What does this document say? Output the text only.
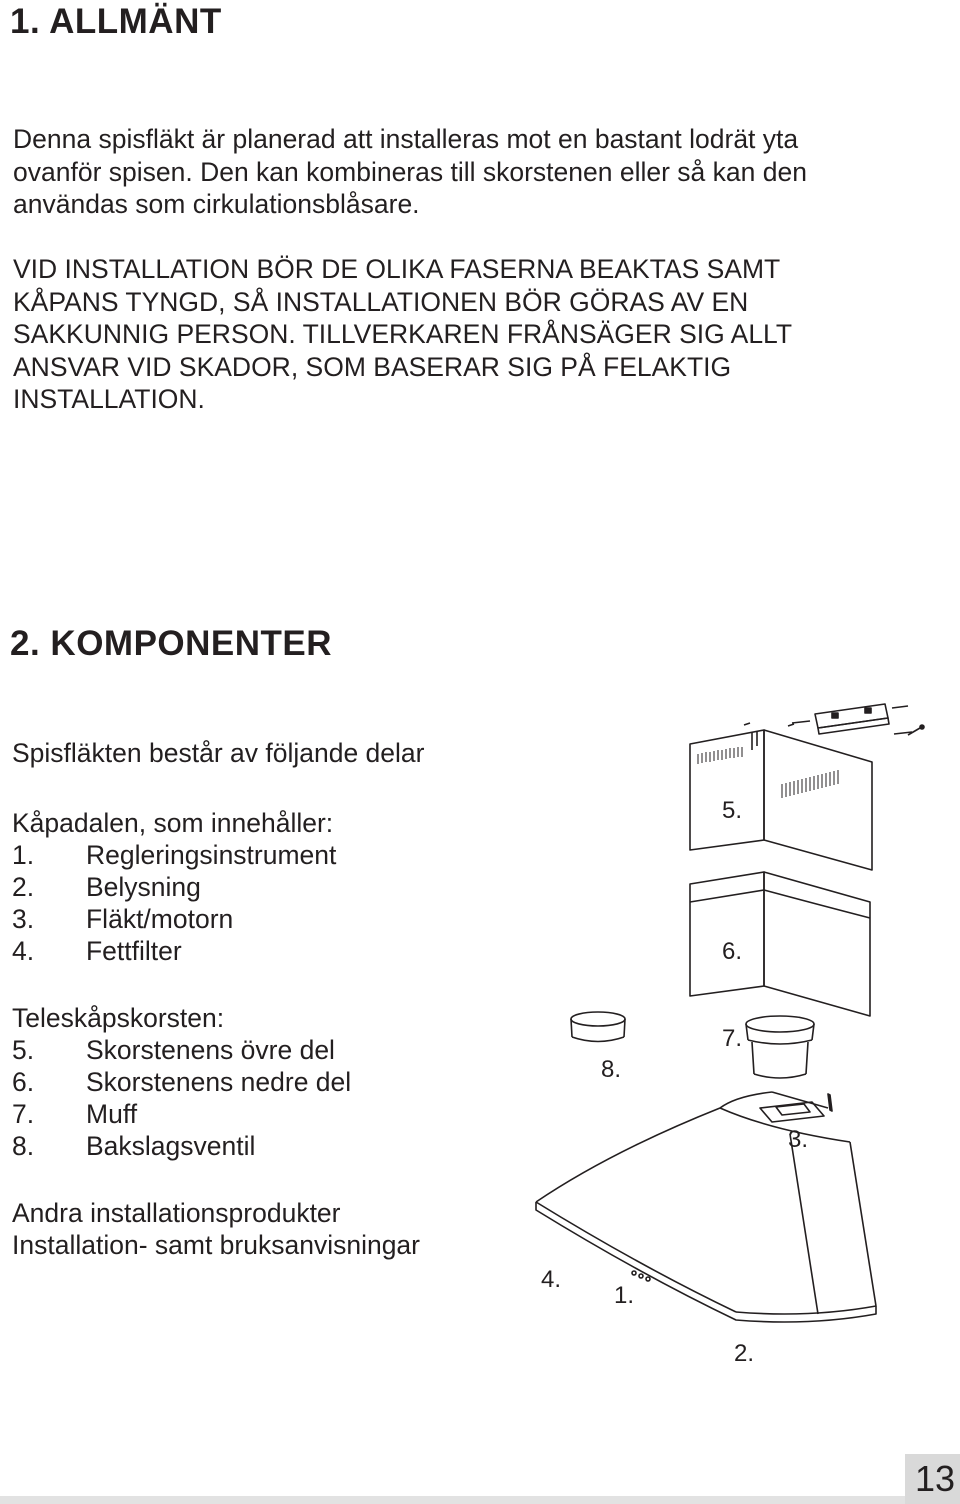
1. ALLMÄNT

Denna spisfläkt är planerad att installeras mot en bastant lodrät yta
ovanför spisen. Den kan kombineras till skorstenen eller så kan den
användas som cirkulationsblåsare.

VID INSTALLATION BÖR DE OLIKA FASERNA BEAKTAS SAMT
KÅPANS TYNGD, SÅ INSTALLATIONEN BÖR GÖRAS AV EN
SAKKUNNIG PERSON. TILLVERKAREN FRÅNSÄGER SIG ALLT
ANSVAR VID SKADOR, SOM BASERAR SIG PÅ FELAKTIG
INSTALLATION.

2. KOMPONENTER
Spisfläkten består av följande delar
Kåpadalen, som innehåller:
1. Regleringsinstrument
2. Belysning
3. Fläkt/motorn
4. Fettfilter
Teleskåpskorsten:
5. Skorstenens övre del
6. Skorstenens nedre del
7. Muff
8. Bakslagsventil
Andra installationsprodukter
Installation- samt bruksanvisningar
5.
6.
7.
8.
3.
4.
1.
2.
13
